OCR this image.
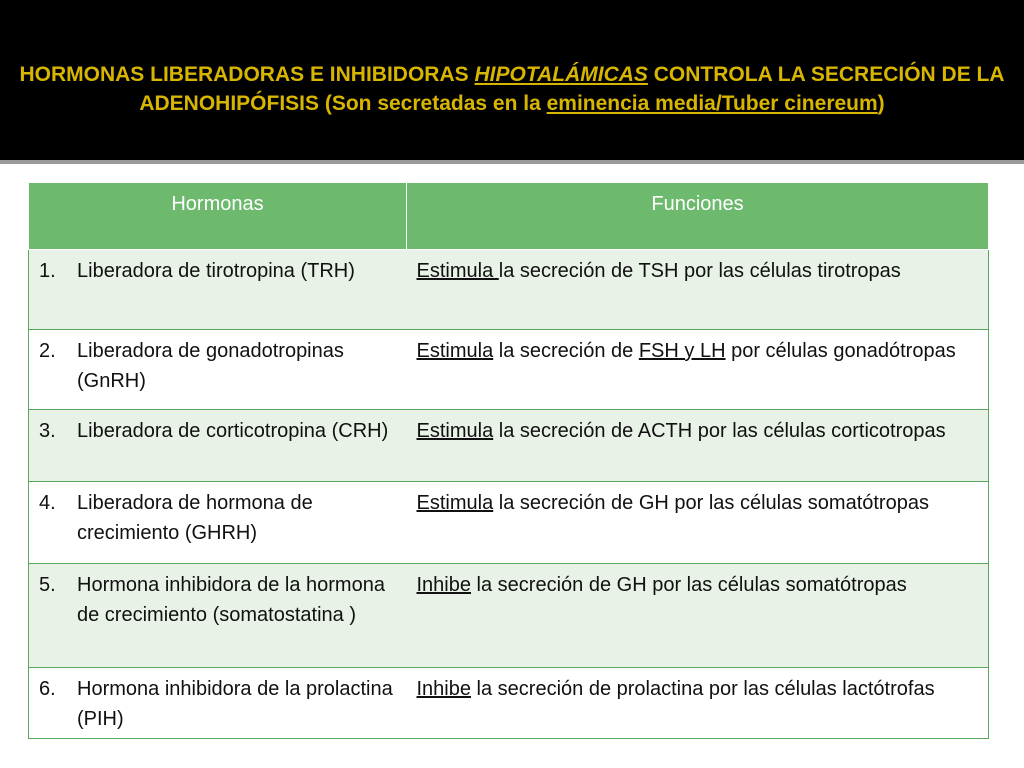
HORMONAS LIBERADORAS E INHIBIDORAS HIPOTALÁMICAS CONTROLA LA SECRECIÓN DE LA ADENOHIPÓFISIS (Son secretadas en la eminencia media/Tuber cinereum)
Hormonas	Funciones

1. Liberadora de tirotropina (TRH)	Estimula la secreción de TSH por las células tirotropas

2. Liberadora de gonadotropinas (GnRH)	Estimula la secreción de FSH y LH por células gonadótropas

3. Liberadora de corticotropina (CRH)	Estimula la secreción de ACTH por las células corticotropas

4. Liberadora de hormona de crecimiento (GHRH)	Estimula la secreción de GH por las células somatótropas

5. Hormona inhibidora de la hormona de crecimiento (somatostatina )	Inhibe la secreción de GH por las células somatótropas

6. Hormona inhibidora de la prolactina (PIH)	Inhibe la secreción de prolactina por las células lactótrofas
